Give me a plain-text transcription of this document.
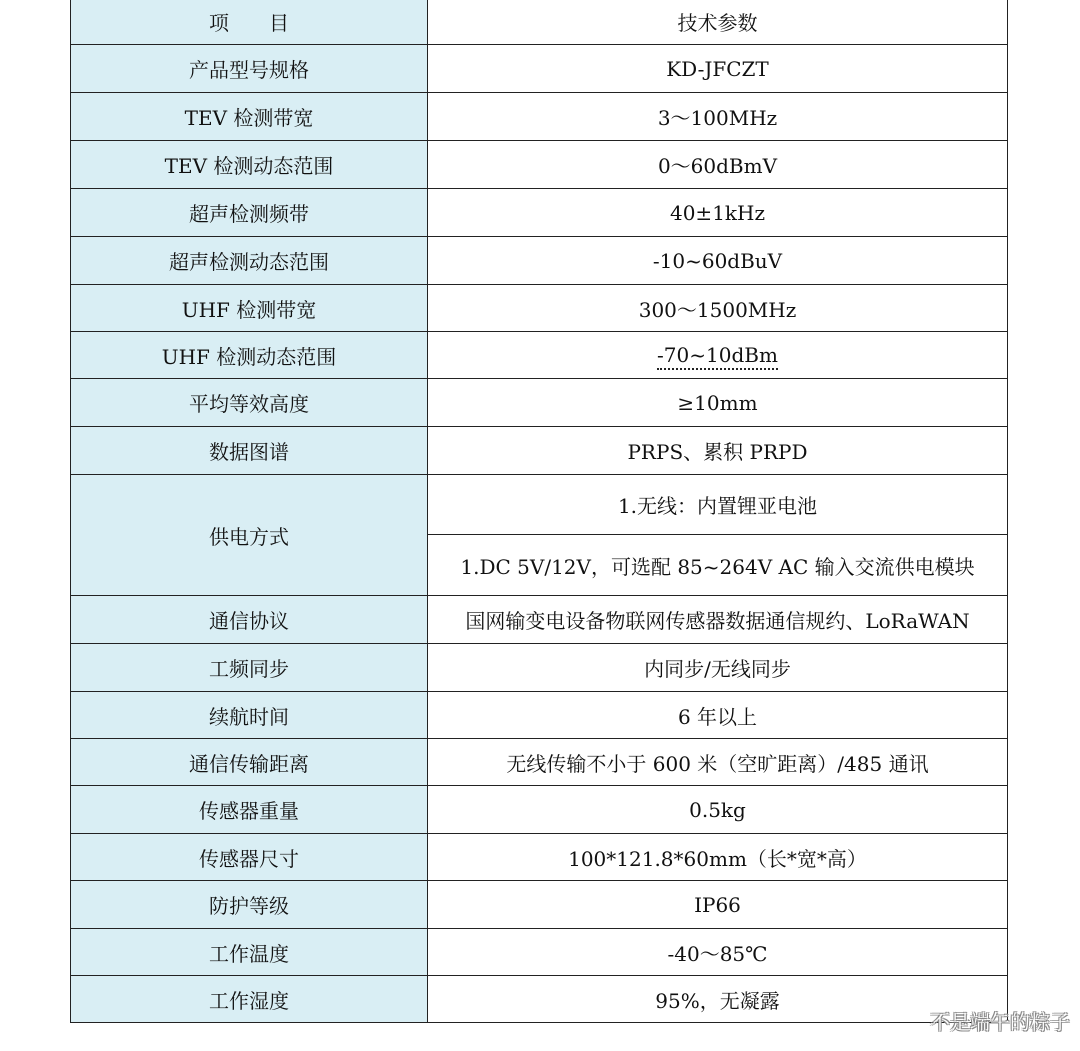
项　　目	技术参数
产品型号规格	KD-JFCZT
TEV 检测带宽	3～100MHz
TEV 检测动态范围	0～60dBmV
超声检测频带	40±1kHz
超声检测动态范围	-10~60dBuV
UHF 检测带宽	300～1500MHz
UHF 检测动态范围	-70~10dBm
平均等效高度	≥10mm
数据图谱	PRPS、累积 PRPD
供电方式	1.无线：内置锂亚电池
	1.DC 5V/12V，可选配 85~264V AC 输入交流供电模块
通信协议	国网输变电设备物联网传感器数据通信规约、LoRaWAN
工频同步	内同步/无线同步
续航时间	6 年以上
通信传输距离	无线传输不小于 600 米（空旷距离）/485 通讯
传感器重量	0.5kg
传感器尺寸	100*121.8*60mm（长*宽*高）
防护等级	IP66
工作温度	-40～85℃
工作湿度	95%，无凝露
不是端午的粽子
